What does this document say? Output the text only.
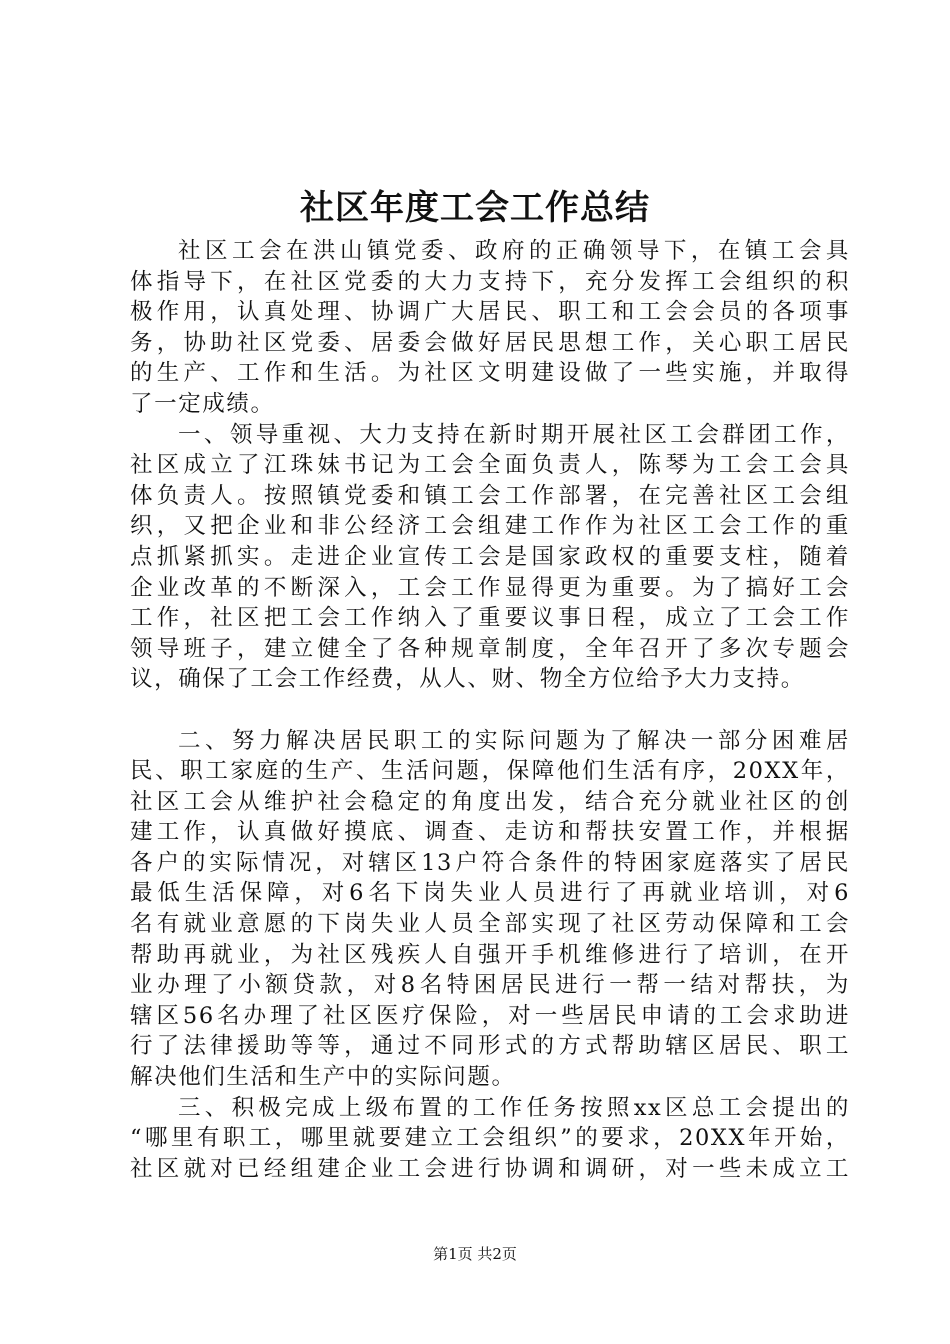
社区年度工会工作总结
社区工会在洪山镇党委、政府的正确领导下，在镇工会具
体指导下，在社区党委的大力支持下，充分发挥工会组织的积
极作用，认真处理、协调广大居民、职工和工会会员的各项事
务，协助社区党委、居委会做好居民思想工作，关心职工居民
的生产、工作和生活。为社区文明建设做了一些实施，并取得
了一定成绩。
一、领导重视、大力支持在新时期开展社区工会群团工作，
社区成立了江珠妹书记为工会全面负责人，陈琴为工会工会具
体负责人。按照镇党委和镇工会工作部署，在完善社区工会组
织，又把企业和非公经济工会组建工作作为社区工会工作的重
点抓紧抓实。走进企业宣传工会是国家政权的重要支柱，随着
企业改革的不断深入，工会工作显得更为重要。为了搞好工会
工作，社区把工会工作纳入了重要议事日程，成立了工会工作
领导班子，建立健全了各种规章制度，全年召开了多次专题会
议，确保了工会工作经费，从人、财、物全方位给予大力支持。
二、努力解决居民职工的实际问题为了解决一部分困难居
民、职工家庭的生产、生活问题，保障他们生活有序，20XX年，
社区工会从维护社会稳定的角度出发，结合充分就业社区的创
建工作，认真做好摸底、调查、走访和帮扶安置工作，并根据
各户的实际情况，对辖区13户符合条件的特困家庭落实了居民
最低生活保障，对6名下岗失业人员进行了再就业培训，对6
名有就业意愿的下岗失业人员全部实现了社区劳动保障和工会
帮助再就业，为社区残疾人自强开手机维修进行了培训，在开
业办理了小额贷款，对8名特困居民进行一帮一结对帮扶，为
辖区56名办理了社区医疗保险，对一些居民申请的工会求助进
行了法律援助等等，通过不同形式的方式帮助辖区居民、职工
解决他们生活和生产中的实际问题。
三、积极完成上级布置的工作任务按照xx区总工会提出的
“哪里有职工，哪里就要建立工会组织”的要求，20XX年开始，
社区就对已经组建企业工会进行协调和调研，对一些未成立工
第1页 共2页
